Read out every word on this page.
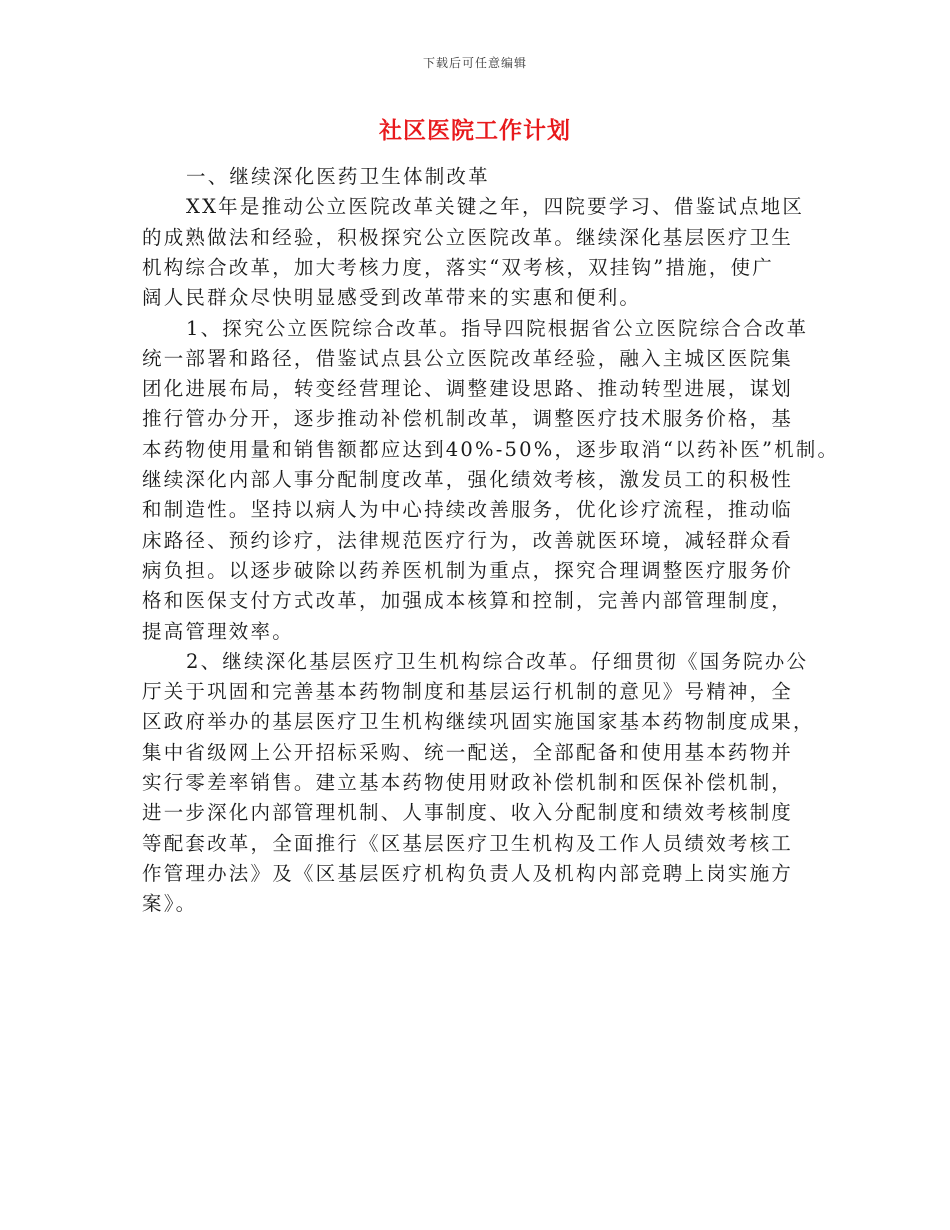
下载后可任意编辑
社区医院工作计划
一、继续深化医药卫生体制改革
XX年是推动公立医院改革关键之年，四院要学习、借鉴试点地区
的成熟做法和经验，积极探究公立医院改革。继续深化基层医疗卫生
机构综合改革，加大考核力度，落实“双考核，双挂钩”措施，使广
阔人民群众尽快明显感受到改革带来的实惠和便利。
1、探究公立医院综合改革。指导四院根据省公立医院综合合改革
统一部署和路径，借鉴试点县公立医院改革经验，融入主城区医院集
团化进展布局，转变经营理论、调整建设思路、推动转型进展，谋划
推行管办分开，逐步推动补偿机制改革，调整医疗技术服务价格，基
本药物使用量和销售额都应达到40%-50%，逐步取消“以药补医”机制。
继续深化内部人事分配制度改革，强化绩效考核，激发员工的积极性
和制造性。坚持以病人为中心持续改善服务，优化诊疗流程，推动临
床路径、预约诊疗，法律规范医疗行为，改善就医环境，减轻群众看
病负担。以逐步破除以药养医机制为重点，探究合理调整医疗服务价
格和医保支付方式改革，加强成本核算和控制，完善内部管理制度，
提高管理效率。
2、继续深化基层医疗卫生机构综合改革。仔细贯彻《国务院办公
厅关于巩固和完善基本药物制度和基层运行机制的意见》号精神，全
区政府举办的基层医疗卫生机构继续巩固实施国家基本药物制度成果，
集中省级网上公开招标采购、统一配送，全部配备和使用基本药物并
实行零差率销售。建立基本药物使用财政补偿机制和医保补偿机制，
进一步深化内部管理机制、人事制度、收入分配制度和绩效考核制度
等配套改革，全面推行《区基层医疗卫生机构及工作人员绩效考核工
作管理办法》及《区基层医疗机构负责人及机构内部竞聘上岗实施方
案》。
